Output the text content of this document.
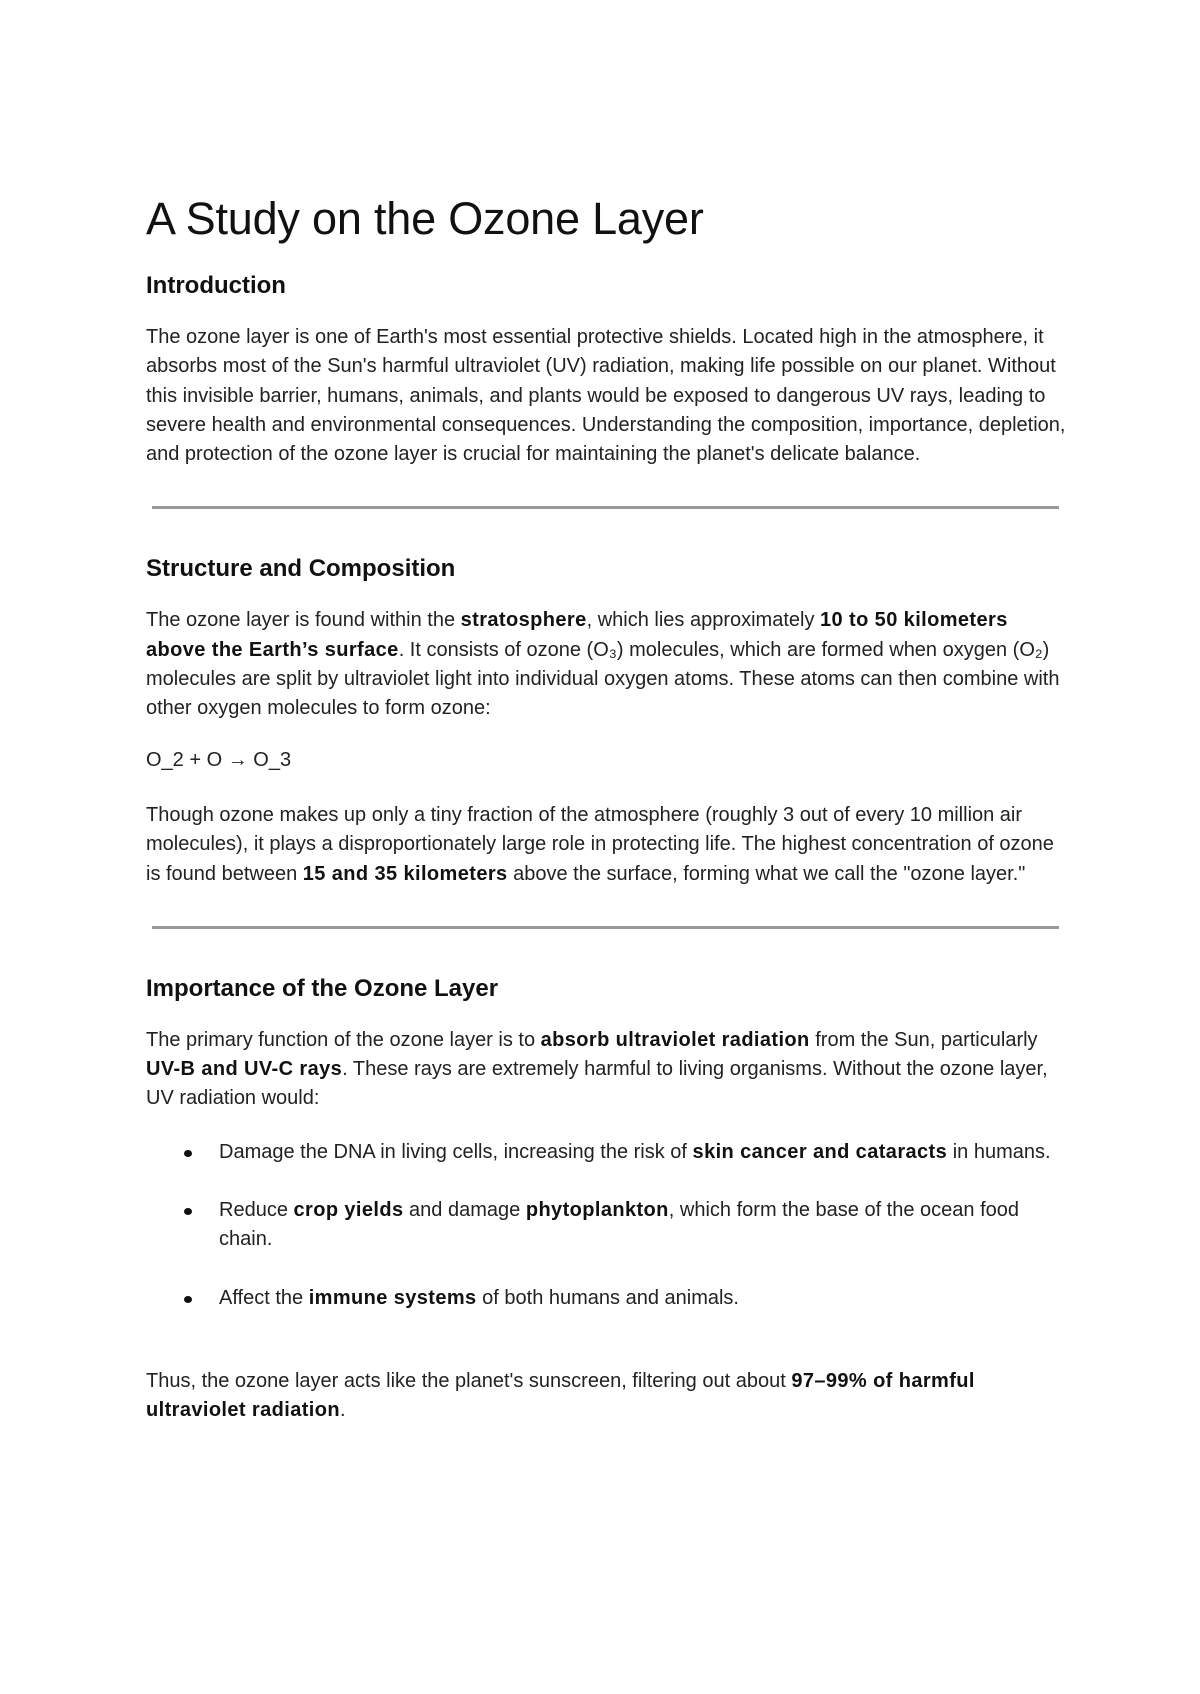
A Study on the Ozone Layer
Introduction

The ozone layer is one of Earth's most essential protective shields. Located high in the atmosphere, it absorbs most of the Sun's harmful ultraviolet (UV) radiation, making life possible on our planet. Without this invisible barrier, humans, animals, and plants would be exposed to dangerous UV rays, leading to severe health and environmental consequences. Understanding the composition, importance, depletion, and protection of the ozone layer is crucial for maintaining the planet's delicate balance.

Structure and Composition

The ozone layer is found within the stratosphere, which lies approximately 10 to 50 kilometers above the Earth’s surface. It consists of ozone (O₃) molecules, which are formed when oxygen (O₂) molecules are split by ultraviolet light into individual oxygen atoms. These atoms can then combine with other oxygen molecules to form ozone:

O_2 + O → O_3

Though ozone makes up only a tiny fraction of the atmosphere (roughly 3 out of every 10 million air molecules), it plays a disproportionately large role in protecting life. The highest concentration of ozone is found between 15 and 35 kilometers above the surface, forming what we call the "ozone layer."

Importance of the Ozone Layer

The primary function of the ozone layer is to absorb ultraviolet radiation from the Sun, particularly UV-B and UV-C rays. These rays are extremely harmful to living organisms. Without the ozone layer, UV radiation would:

Damage the DNA in living cells, increasing the risk of skin cancer and cataracts in humans.
Reduce crop yields and damage phytoplankton, which form the base of the ocean food chain.
Affect the immune systems of both humans and animals.

Thus, the ozone layer acts like the planet's sunscreen, filtering out about 97–99% of harmful ultraviolet radiation.
